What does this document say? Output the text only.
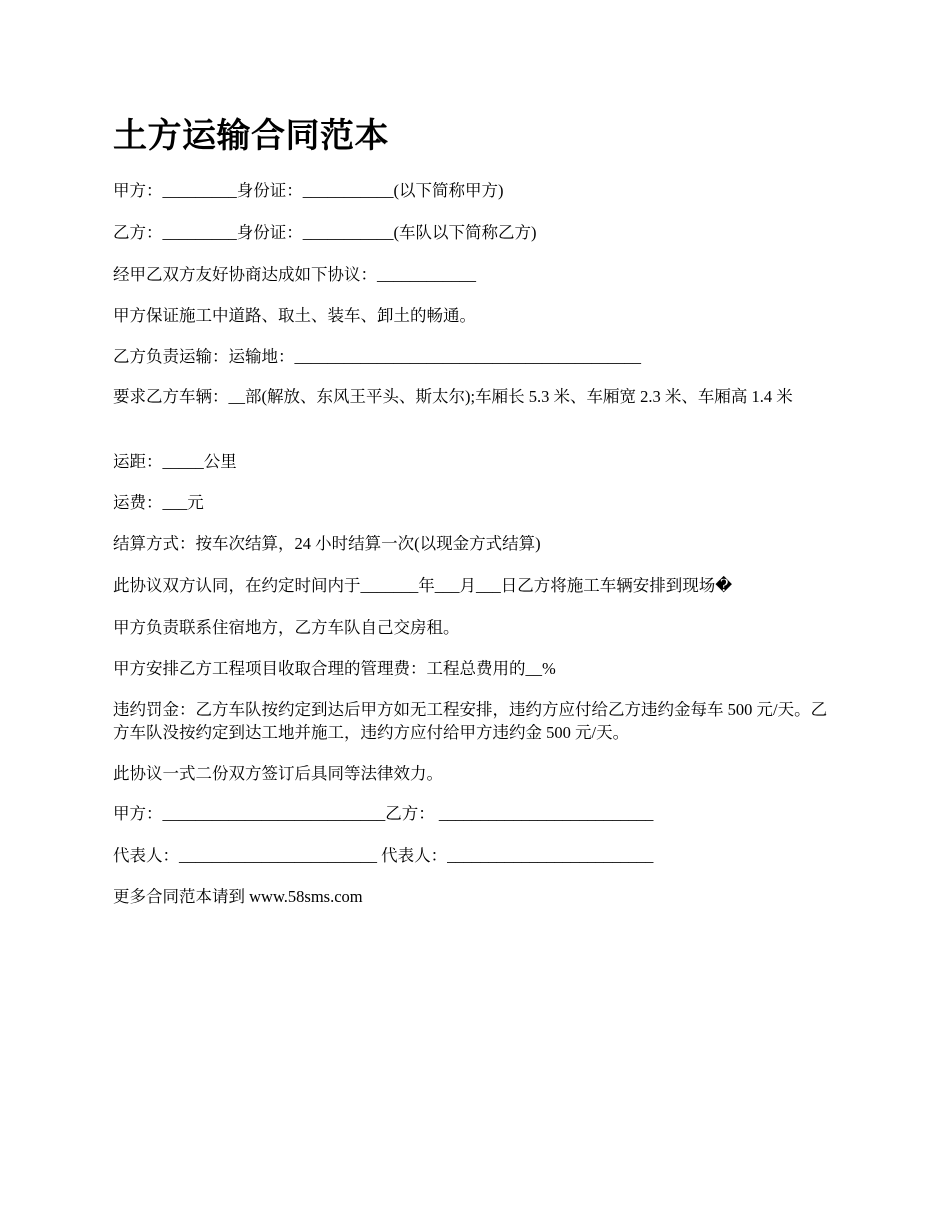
土方运输合同范本

甲方：_________身份证：___________(以下简称甲方)

乙方：_________身份证：___________(车队以下简称乙方)

经甲乙双方友好协商达成如下协议：____________

甲方保证施工中道路、取土、装车、卸土的畅通。

乙方负责运输：运输地：__________________________________________

要求乙方车辆：__部(解放、东风王平头、斯太尔);车厢长 5.3 米、车厢宽 2.3 米、车厢高 1.4 米

运距：_____公里

运费：___元

结算方式：按车次结算，24 小时结算一次(以现金方式结算)

此协议双方认同，在约定时间内于_______年___月___日乙方将施工车辆安排到现场�

甲方负责联系住宿地方，乙方车队自己交房租。

甲方安排乙方工程项目收取合理的管理费：工程总费用的__%

违约罚金：乙方车队按约定到达后甲方如无工程安排，违约方应付给乙方违约金每车 500 元/天。乙方车队没按约定到达工地并施工，违约方应付给甲方违约金 500 元/天。

此协议一式二份双方签订后具同等法律效力。

甲方：___________________________乙方： __________________________

代表人：________________________ 代表人：_________________________

更多合同范本请到 www.58sms.com
